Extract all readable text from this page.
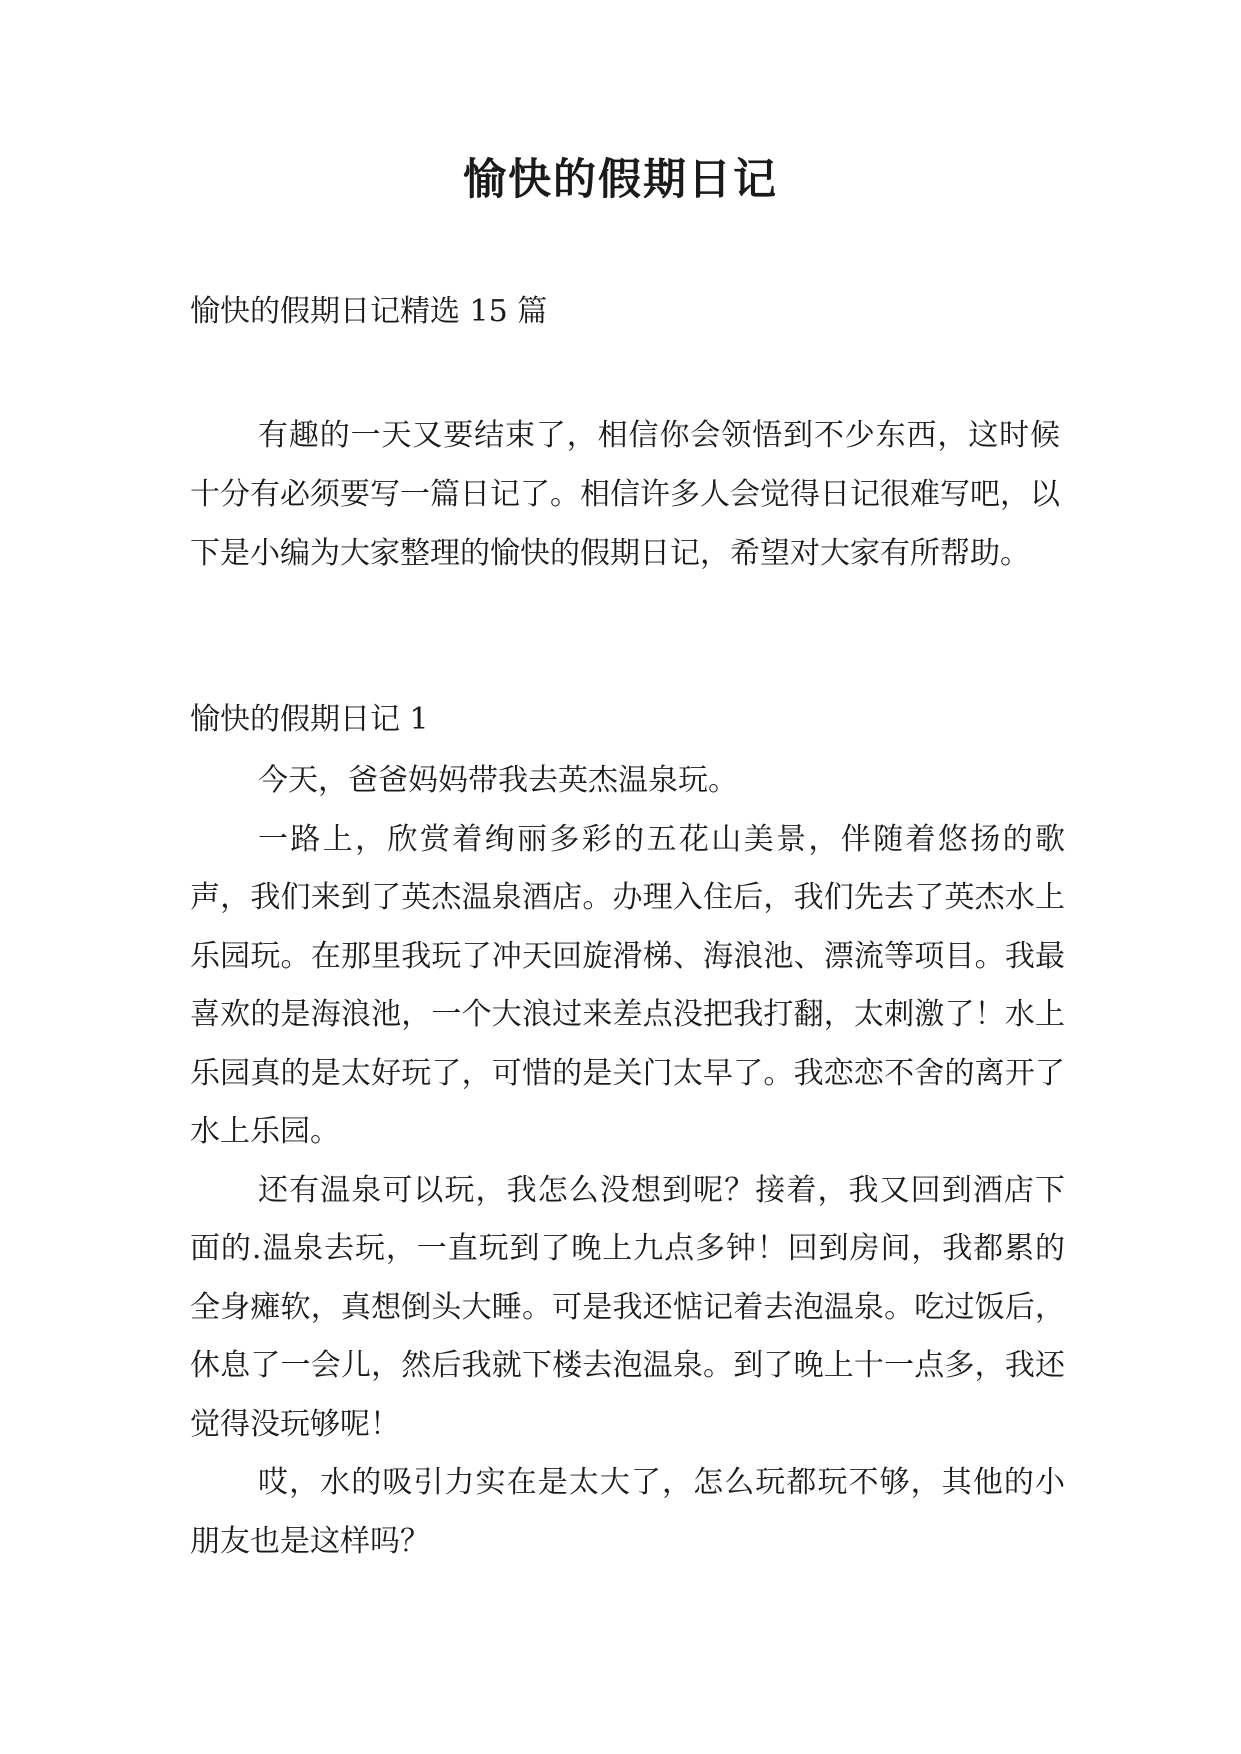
愉快的假期日记

愉快的假期日记精选 15 篇

有趣的一天又要结束了，相信你会领悟到不少东西，这时候十分有必须要写一篇日记了。相信许多人会觉得日记很难写吧，以下是小编为大家整理的愉快的假期日记，希望对大家有所帮助。

愉快的假期日记 1

今天，爸爸妈妈带我去英杰温泉玩。

一路上，欣赏着绚丽多彩的五花山美景，伴随着悠扬的歌声，我们来到了英杰温泉酒店。办理入住后，我们先去了英杰水上乐园玩。在那里我玩了冲天回旋滑梯、海浪池、漂流等项目。我最喜欢的是海浪池，一个大浪过来差点没把我打翻，太刺激了！水上乐园真的是太好玩了，可惜的是关门太早了。我恋恋不舍的离开了水上乐园。

还有温泉可以玩，我怎么没想到呢？接着，我又回到酒店下面的.温泉去玩，一直玩到了晚上九点多钟！回到房间，我都累的全身瘫软，真想倒头大睡。可是我还惦记着去泡温泉。吃过饭后，休息了一会儿，然后我就下楼去泡温泉。到了晚上十一点多，我还觉得没玩够呢！

哎，水的吸引力实在是太大了，怎么玩都玩不够，其他的小朋友也是这样吗？
